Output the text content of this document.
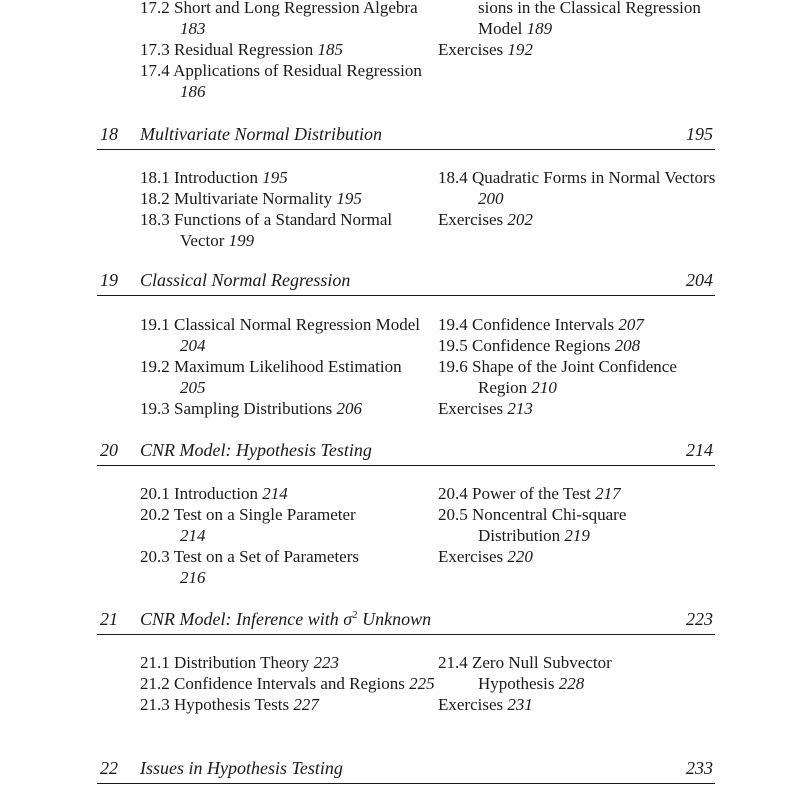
17.2 Short and Long Regression Algebra 183
17.3 Residual Regression 185
17.4 Applications of Residual Regression 186
sions in the Classical Regression Model 189
Exercises 192
18 Multivariate Normal Distribution	195
18.1 Introduction 195
18.2 Multivariate Normality 195
18.3 Functions of a Standard Normal Vector 199
18.4 Quadratic Forms in Normal Vectors 200
Exercises 202
19 Classical Normal Regression	204
19.1 Classical Normal Regression Model 204
19.2 Maximum Likelihood Estimation 205
19.3 Sampling Distributions 206
19.4 Confidence Intervals 207
19.5 Confidence Regions 208
19.6 Shape of the Joint Confidence Region 210
Exercises 213
20 CNR Model: Hypothesis Testing	214
20.1 Introduction 214
20.2 Test on a Single Parameter 214
20.3 Test on a Set of Parameters 216
20.4 Power of the Test 217
20.5 Noncentral Chi-square Distribution 219
Exercises 220
21 CNR Model: Inference with $\sigma^2$ Unknown	223
21.1 Distribution Theory 223
21.2 Confidence Intervals and Regions 225
21.3 Hypothesis Tests 227
21.4 Zero Null Subvector Hypothesis 228
Exercises 231
22 Issues in Hypothesis Testing	233
